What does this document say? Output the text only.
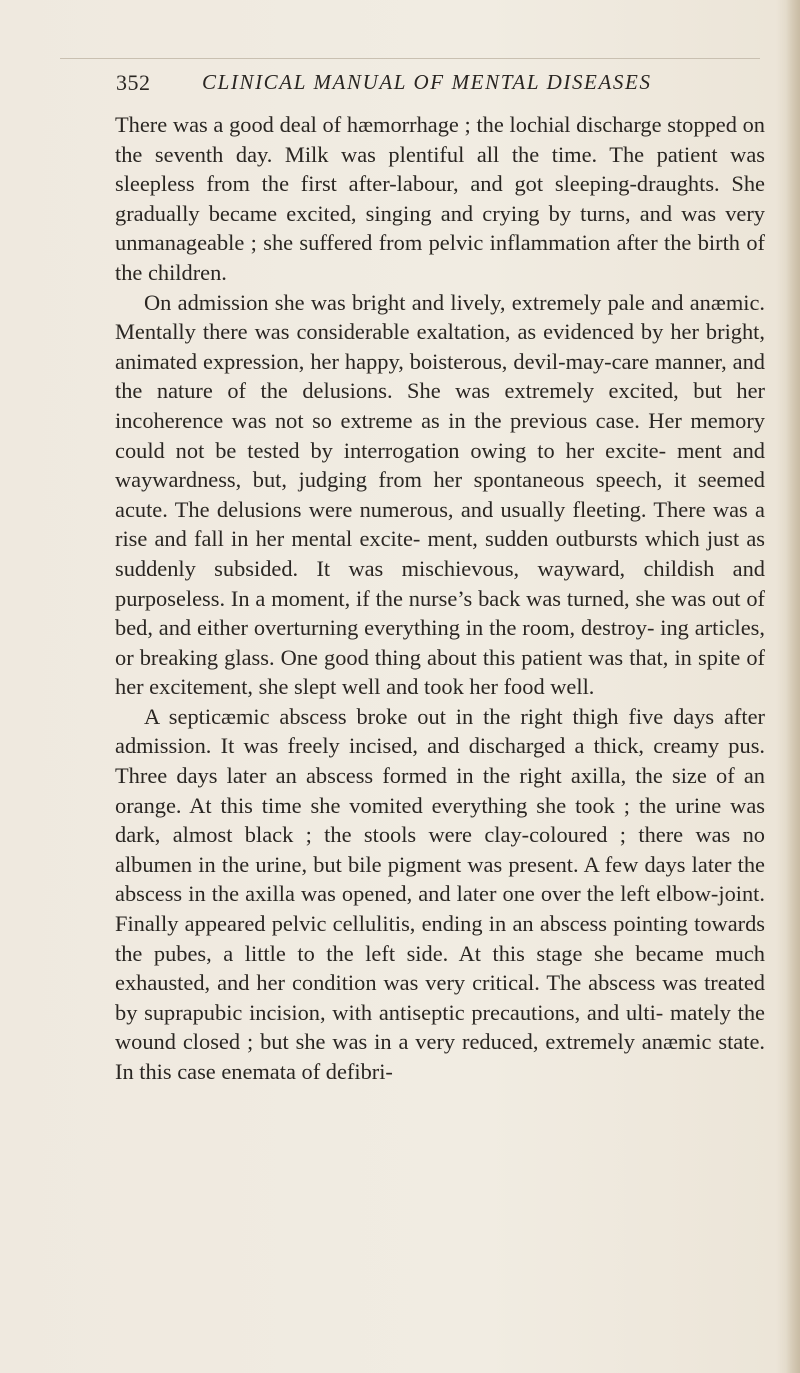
352 CLINICAL MANUAL OF MENTAL DISEASES

There was a good deal of hæmorrhage ; the lochial discharge stopped on the seventh day. Milk was plentiful all the time. The patient was sleepless from the first after-labour, and got sleeping-draughts. She gradually became excited, singing and crying by turns, and was very unmanageable ; she suffered from pelvic inflammation after the birth of the children.

On admission she was bright and lively, extremely pale and anæmic. Mentally there was considerable exaltation, as evidenced by her bright, animated expression, her happy, boisterous, devil-may-care manner, and the nature of the delusions. She was extremely excited, but her incoherence was not so extreme as in the previous case. Her memory could not be tested by interrogation owing to her excite- ment and waywardness, but, judging from her spontaneous speech, it seemed acute. The delusions were numerous, and usually fleeting. There was a rise and fall in her mental excite- ment, sudden outbursts which just as suddenly subsided. It was mischievous, wayward, childish and purposeless. In a moment, if the nurse’s back was turned, she was out of bed, and either overturning everything in the room, destroy- ing articles, or breaking glass. One good thing about this patient was that, in spite of her excitement, she slept well and took her food well.

A septicæmic abscess broke out in the right thigh five days after admission. It was freely incised, and discharged a thick, creamy pus. Three days later an abscess formed in the right axilla, the size of an orange. At this time she vomited everything she took ; the urine was dark, almost black ; the stools were clay-coloured ; there was no albumen in the urine, but bile pigment was present. A few days later the abscess in the axilla was opened, and later one over the left elbow-joint. Finally appeared pelvic cellulitis, ending in an abscess pointing towards the pubes, a little to the left side. At this stage she became much exhausted, and her condition was very critical. The abscess was treated by suprapubic incision, with antiseptic precautions, and ulti- mately the wound closed ; but she was in a very reduced, extremely anæmic state. In this case enemata of defibri-
